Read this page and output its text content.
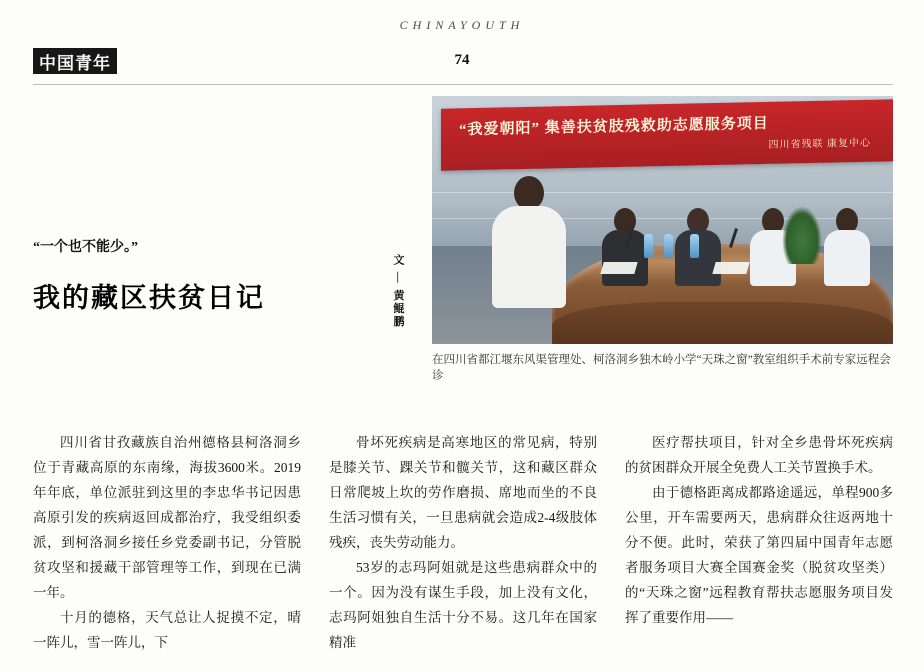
CHINAYOUTH
中国青年	74
“我爱朝阳” 集善扶贫肢残救助志愿服务项目
四川省残联 康复中心
在四川省都江堰东风渠管理处、柯洛洞乡独木岭小学“天珠之窗”教室组织手术前专家远程会诊
“一个也不能少。”
我的藏区扶贫日记	文 — 黄鲲鹏

四川省甘孜藏族自治州德格县柯洛洞乡位于青藏高原的东南缘，海拔3600米。2019年年底，单位派驻到这里的李忠华书记因患高原引发的疾病返回成都治疗，我受组织委派，到柯洛洞乡接任乡党委副书记，分管脱贫攻坚和援藏干部管理等工作，到现在已满一年。

十月的德格，天气总让人捉摸不定，晴一阵儿，雪一阵儿，下

骨坏死疾病是高寒地区的常见病，特别是膝关节、踝关节和髋关节，这和藏区群众日常爬坡上坎的劳作磨损、席地而坐的不良生活习惯有关，一旦患病就会造成2-4级肢体残疾，丧失劳动能力。

53岁的志玛阿姐就是这些患病群众中的一个。因为没有谋生手段，加上没有文化，志玛阿姐独自生活十分不易。这几年在国家精准

医疗帮扶项目，针对全乡患骨坏死疾病的贫困群众开展全免费人工关节置换手术。

由于德格距离成都路途遥远，单程900多公里，开车需要两天，患病群众往返两地十分不便。此时，荣获了第四届中国青年志愿者服务项目大赛全国赛金奖（脱贫攻坚类）的“天珠之窗”远程教育帮扶志愿服务项目发挥了重要作用——
